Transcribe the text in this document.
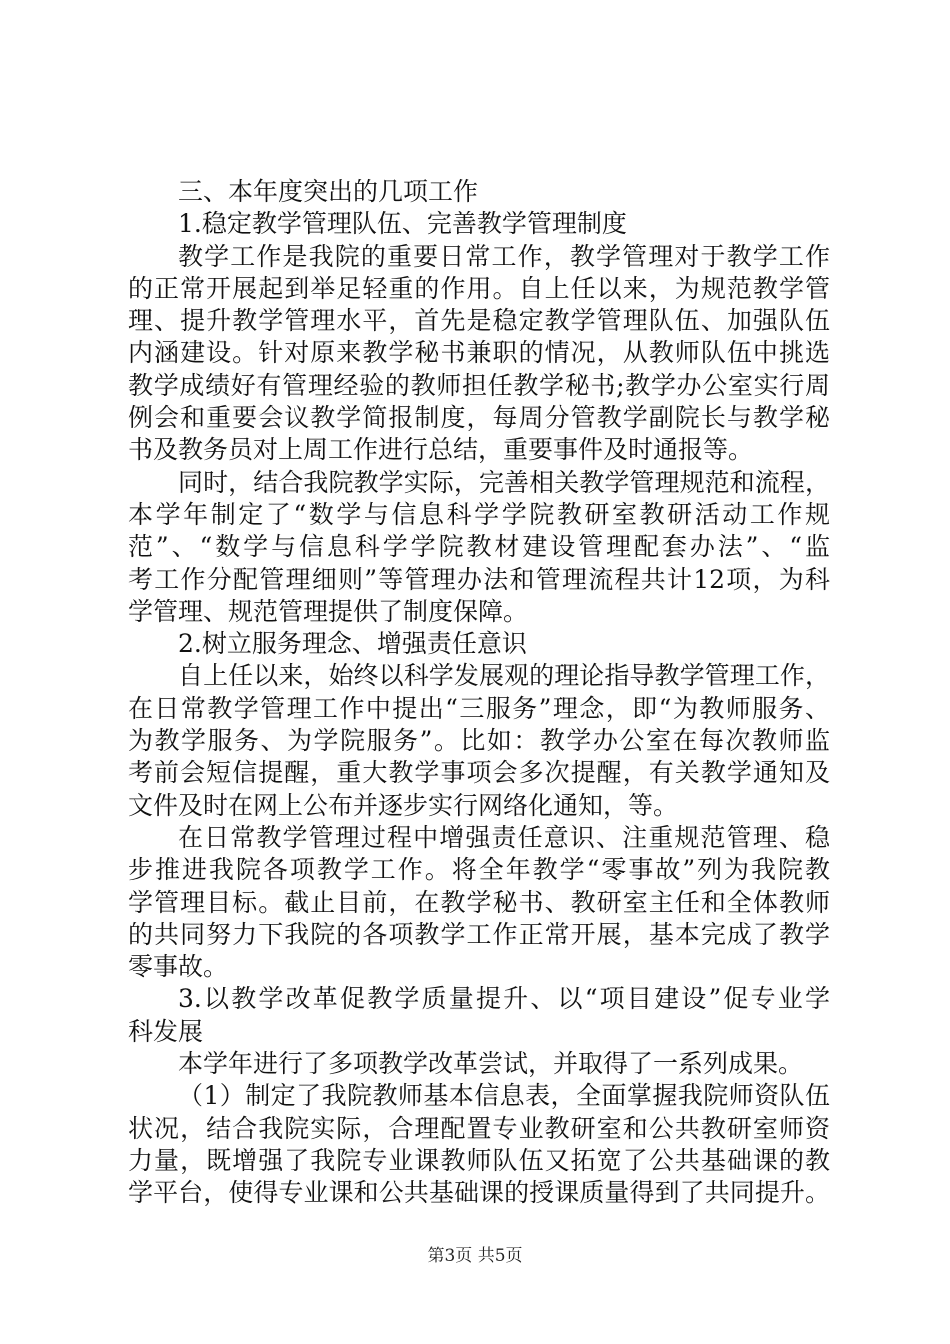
三、本年度突出的几项工作
1.稳定教学管理队伍、完善教学管理制度
教学工作是我院的重要日常工作，教学管理对于教学工作
的正常开展起到举足轻重的作用。自上任以来，为规范教学管
理、提升教学管理水平，首先是稳定教学管理队伍、加强队伍
内涵建设。针对原来教学秘书兼职的情况，从教师队伍中挑选
教学成绩好有管理经验的教师担任教学秘书;教学办公室实行周
例会和重要会议教学简报制度，每周分管教学副院长与教学秘
书及教务员对上周工作进行总结，重要事件及时通报等。
同时，结合我院教学实际，完善相关教学管理规范和流程，
本学年制定了“数学与信息科学学院教研室教研活动工作规
范”、“数学与信息科学学院教材建设管理配套办法”、“监
考工作分配管理细则”等管理办法和管理流程共计12项，为科
学管理、规范管理提供了制度保障。
2.树立服务理念、增强责任意识
自上任以来，始终以科学发展观的理论指导教学管理工作，
在日常教学管理工作中提出“三服务”理念，即“为教师服务、
为教学服务、为学院服务”。比如：教学办公室在每次教师监
考前会短信提醒，重大教学事项会多次提醒，有关教学通知及
文件及时在网上公布并逐步实行网络化通知，等。
在日常教学管理过程中增强责任意识、注重规范管理、稳
步推进我院各项教学工作。将全年教学“零事故”列为我院教
学管理目标。截止目前，在教学秘书、教研室主任和全体教师
的共同努力下我院的各项教学工作正常开展，基本完成了教学
零事故。
3.以教学改革促教学质量提升、以“项目建设”促专业学
科发展
本学年进行了多项教学改革尝试，并取得了一系列成果。
（1）制定了我院教师基本信息表，全面掌握我院师资队伍
状况，结合我院实际，合理配置专业教研室和公共教研室师资
力量，既增强了我院专业课教师队伍又拓宽了公共基础课的教
学平台，使得专业课和公共基础课的授课质量得到了共同提升。
第3页 共5页
